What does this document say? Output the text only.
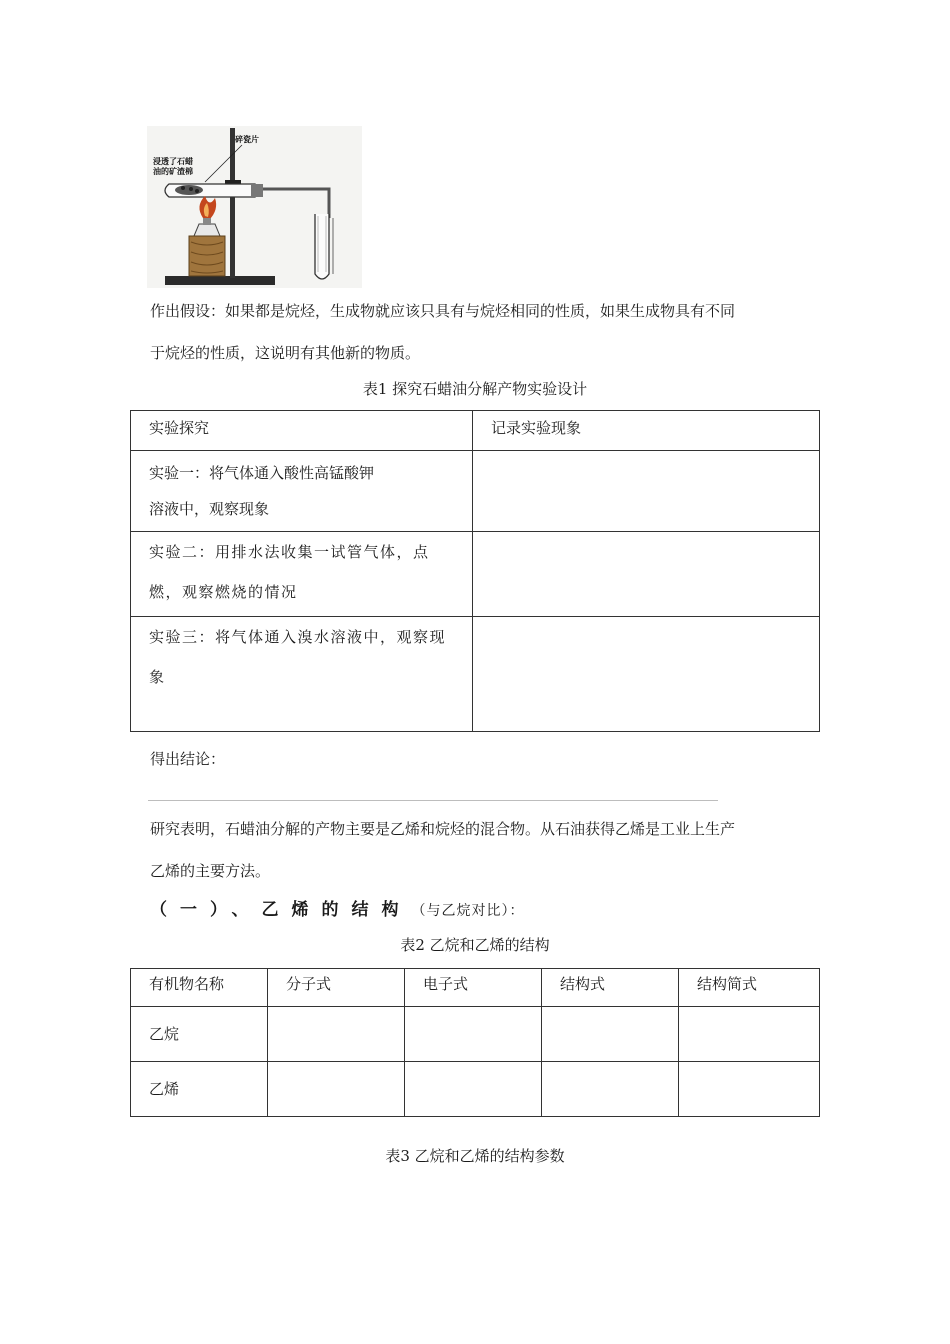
碎瓷片
浸透了石蜡
油的矿渣棉
作出假设：如果都是烷烃，生成物就应该只具有与烷烃相同的性质，如果生成物具有不同
于烷烃的性质，这说明有其他新的物质。
表1 探究石蜡油分解产物实验设计
实验探究	记录实验现象

实验一：将气体通入酸性高锰酸钾
溶液中，观察现象	

实验二：用排水法收集一试管气体，点
燃，观察燃烧的情况	

实验三：将气体通入溴水溶液中，观察现
象	

得出结论：
研究表明，石蜡油分解的产物主要是乙烯和烷烃的混合物。从石油获得乙烯是工业上生产
乙烯的主要方法。
（一）、乙烯的结构（与乙烷对比）：
表2 乙烷和乙烯的结构
有机物名称	分子式	电子式	结构式	结构简式
乙烷				
乙烯				
表3 乙烷和乙烯的结构参数
